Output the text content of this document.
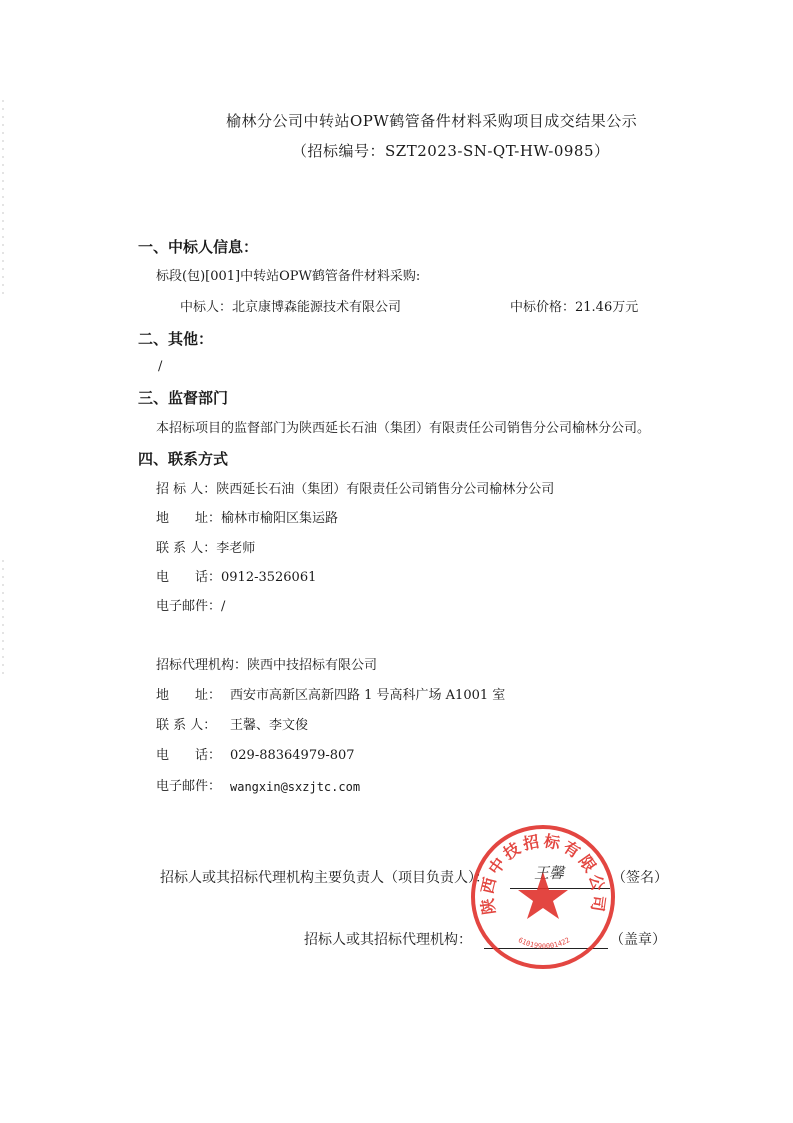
榆林分公司中转站OPW鹤管备件材料采购项目成交结果公示
（招标编号：SZT2023-SN-QT-HW-0985）
一、中标人信息：
标段(包)[001]中转站OPW鹤管备件材料采购:
中标人：北京康博森能源技术有限公司	中标价格：21.46万元
二、其他：
/
三、监督部门
本招标项目的监督部门为陕西延长石油（集团）有限责任公司销售分公司榆林分公司。
四、联系方式
招 标 人：陕西延长石油（集团）有限责任公司销售分公司榆林分公司
地　　址：榆林市榆阳区集运路
联 系 人：李老师
电　　话：0912-3526061
电子邮件：/
招标代理机构：陕西中技招标有限公司
地　　址： 西安市高新区高新四路 1 号高科广场 A1001 室
联 系 人： 王馨、李文俊
电　　话： 029-88364979-807
电子邮件： wangxin@sxzjtc.com
招标人或其招标代理机构主要负责人（项目负责人）：	王馨	（签名）
招标人或其招标代理机构：	（盖章）
陕西中技招标有限公司
6101990001422
